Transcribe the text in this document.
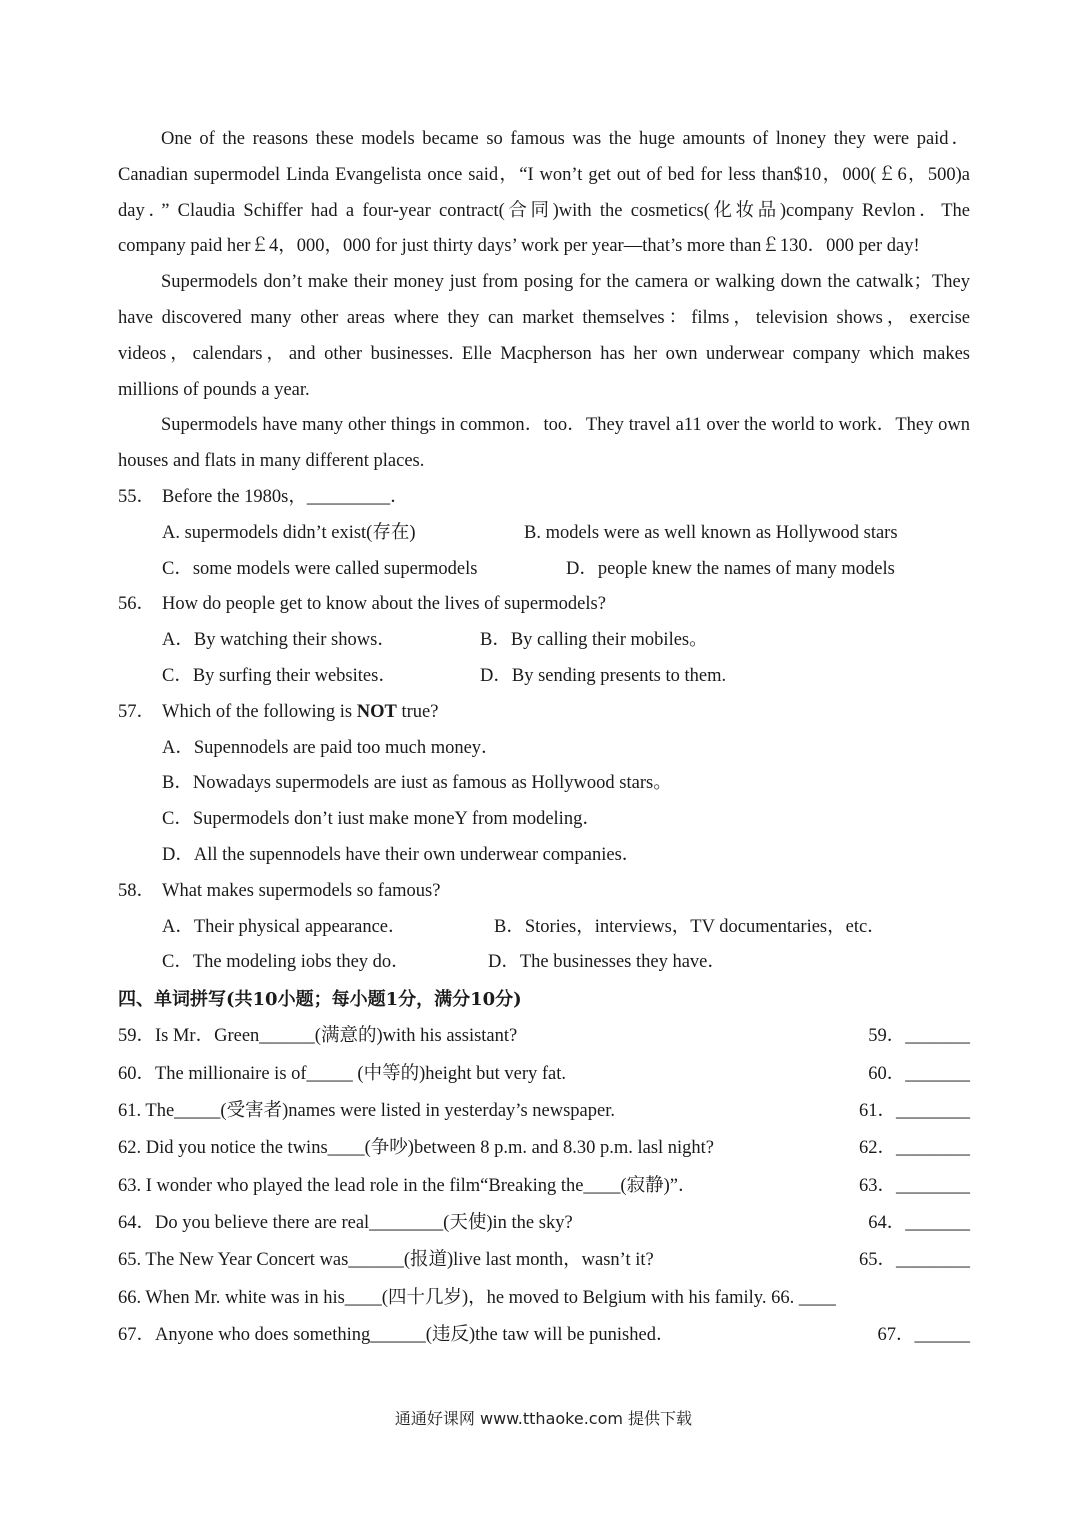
One of the reasons these models became so famous was the huge amounts of lnoney they were paid．Canadian supermodel Linda Evangelista once said，“I won’t get out of bed for less than$10，000(￡6，500)a day．” Claudia Schiffer had a four-year contract(合同)with the cosmetics(化妆品)company Revlon．The company paid her￡4，000，000 for just thirty days’ work per year—that’s more than￡130．000 per day!

Supermodels don’t make their money just from posing for the camera or walking down the catwalk；They have discovered many other areas where they can market themselves：films，television shows，exercise videos，calendars，and other businesses. Elle Macpherson has her own underwear company which makes millions of pounds a year.

Supermodels have many other things in common．too．They travel a11 over the world to work．They own houses and flats in many different places.

55． Before the 1980s，_________．
A. supermodels didn’t exist(存在)	B. models were as well known as Hollywood stars
C．some models were called supermodels	D．people knew the names of many models
56． How do people get to know about the lives of supermodels?
A．By watching their shows．	B．By calling their mobiles。
C．By surfing their websites．	D．By sending presents to them.
57． Which of the following is NOT true?
A．Supennodels are paid too much money．
B．Nowadays supermodels are iust as famous as Hollywood stars。
C．Supermodels don’t iust make moneY from modeling．
D．All the supennodels have their own underwear companies．
58． What makes supermodels so famous?
A．Their physical appearance．	B．Stories，interviews，TV documentaries，etc．
C．The modeling iobs they do．	D．The businesses they have．
四、单词拼写(共10小题；每小题1分，满分10分)
59．Is Mr．Green______(满意的)with his assistant?	59．_______
60．The millionaire is of_____ (中等的)height but very fat.	60．_______
61. The_____(受害者)names were listed in yesterday’s newspaper.	61．________
62. Did you notice the twins____(争吵)between 8 p.m. and 8.30 p.m. lasl night?	62．________
63. I wonder who played the lead role in the film“Breaking the____(寂静)”．	63．________
64．Do you believe there are real________(天使)in the sky?	64．_______
65. The New Year Concert was______(报道)live last month，wasn’t it?	65．________
66. When Mr. white was in his____(四十几岁)，he moved to Belgium with his family. 66. ____
67．Anyone who does something______(违反)the taw will be punished．	67．______
通通好课网 www.tthaoke.com 提供下载
